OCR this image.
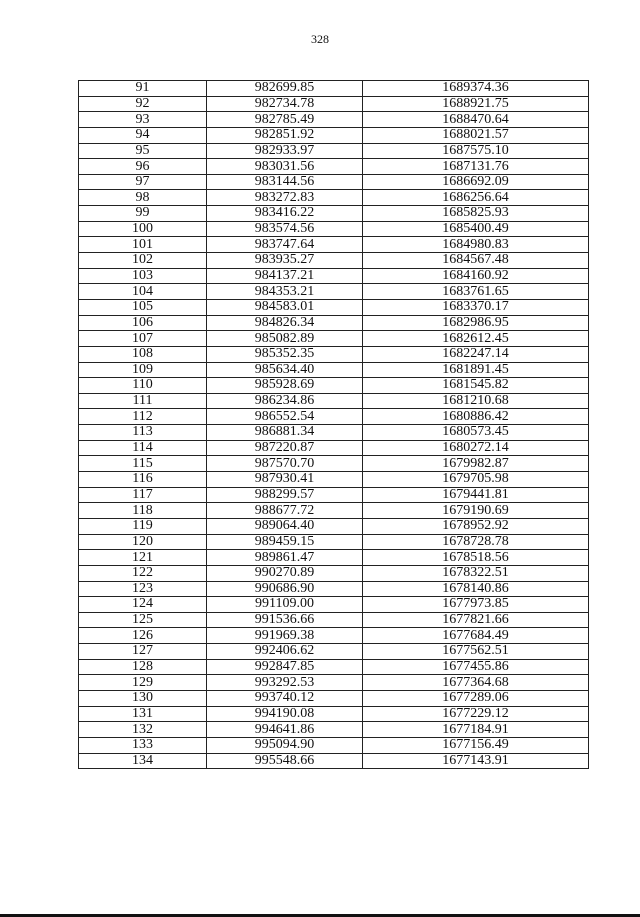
328
91	982699.85	1689374.36
92	982734.78	1688921.75
93	982785.49	1688470.64
94	982851.92	1688021.57
95	982933.97	1687575.10
96	983031.56	1687131.76
97	983144.56	1686692.09
98	983272.83	1686256.64
99	983416.22	1685825.93
100	983574.56	1685400.49
101	983747.64	1684980.83
102	983935.27	1684567.48
103	984137.21	1684160.92
104	984353.21	1683761.65
105	984583.01	1683370.17
106	984826.34	1682986.95
107	985082.89	1682612.45
108	985352.35	1682247.14
109	985634.40	1681891.45
110	985928.69	1681545.82
111	986234.86	1681210.68
112	986552.54	1680886.42
113	986881.34	1680573.45
114	987220.87	1680272.14
115	987570.70	1679982.87
116	987930.41	1679705.98
117	988299.57	1679441.81
118	988677.72	1679190.69
119	989064.40	1678952.92
120	989459.15	1678728.78
121	989861.47	1678518.56
122	990270.89	1678322.51
123	990686.90	1678140.86
124	991109.00	1677973.85
125	991536.66	1677821.66
126	991969.38	1677684.49
127	992406.62	1677562.51
128	992847.85	1677455.86
129	993292.53	1677364.68
130	993740.12	1677289.06
131	994190.08	1677229.12
132	994641.86	1677184.91
133	995094.90	1677156.49
134	995548.66	1677143.91
